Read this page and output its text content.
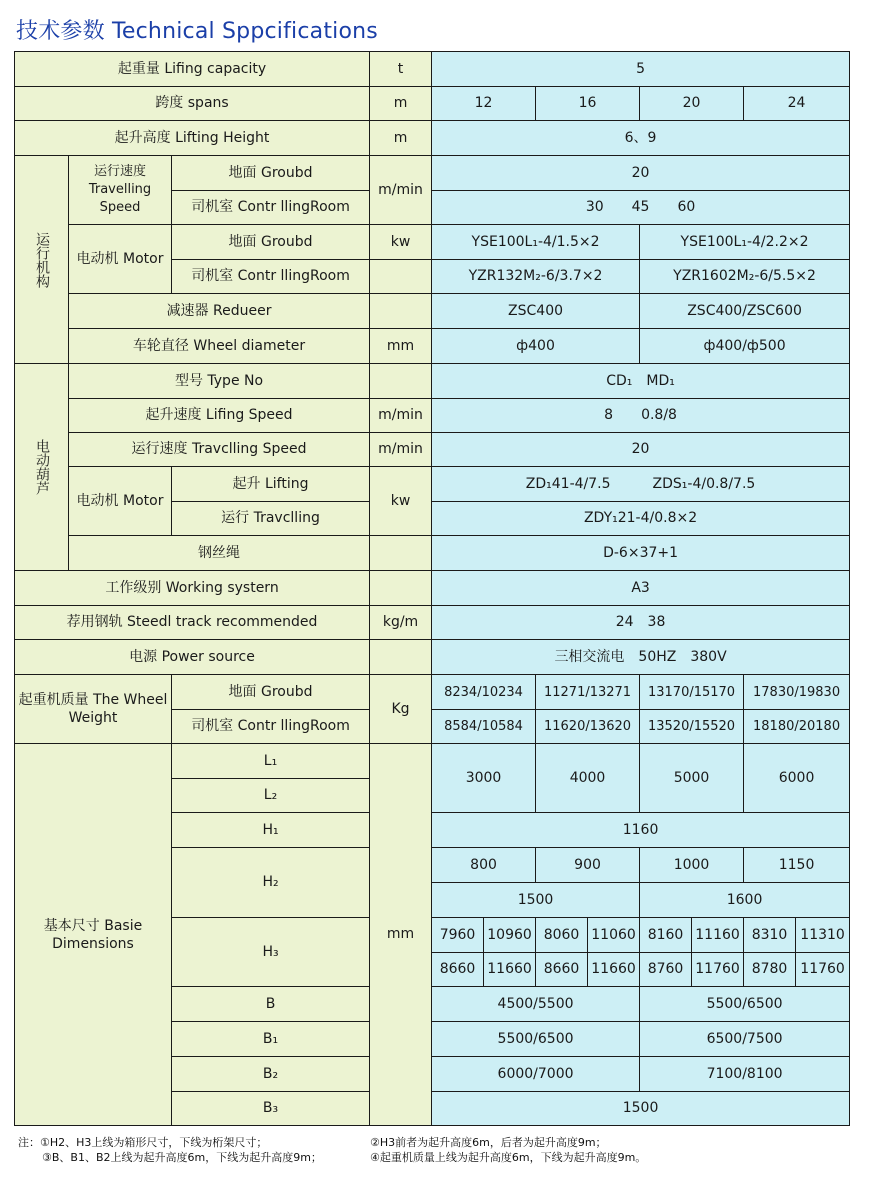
技术参数 Technical Sppcifications
起重量 Lifing capacity			t	5							
跨度 spans			m	12		16		20		24	
起升高度 Lifting Height			m	6、9							
运行机构	运行速度 Travelling Speed	地面 Groubd	m/min	20							
		司机室 Contr llingRoom		30　　45　　60							
	电动机 Motor	地面 Groubd	kw	YSE100L₁-4/1.5×2				YSE100L₁-4/2.2×2			
		司机室 Contr llingRoom		YZR132M₂-6/3.7×2				YZR1602M₂-6/5.5×2			
	减速器 Redueer			ZSC400				ZSC400/ZSC600			
	车轮直径 Wheel diameter		mm	ф400				ф400/ф500			
电动葫芦	型号 Type No			CD₁　MD₁							
	起升速度 Lifing Speed		m/min	8　　0.8/8							
	运行速度 Travclling Speed		m/min	20							
	电动机 Motor	起升 Lifting	kw	ZD₁41-4/7.5　　　ZDS₁-4/0.8/7.5							
		运行 Travclling		ZDY₁21-4/0.8×2							
	钢丝绳			D-6×37+1							
工作级别 Working systern				A3							
荐用钢轨 Steedl track recommended			kg/m	24　38							
电源 Power source				三相交流电　50HZ　380V							
起重机质量 The Wheel Weight		地面 Groubd	Kg	8234/10234		11271/13271		13170/15170		17830/19830	
		司机室 Contr llingRoom		8584/10584		11620/13620		13520/15520		18180/20180	
基本尺寸 Basie Dimensions		L₁	mm	3000		4000		5000		6000	
		L₂									
		H₁		1160							
		H₂		800		900		1000		1150	
				1500				1600			
		H₃		7960	10960	8060	11060	8160	11160	8310	11310
				8660	11660	8660	11660	8760	11760	8780	11760
		B		4500/5500				5500/6500			
		B₁		5500/6500				6500/7500			
		B₂		6000/7000				7100/8100			
		B₃		1500							
注：①H2、H3上线为箱形尺寸，下线为桁架尺寸；	②H3前者为起升高度6m，后者为起升高度9m；
③B、B1、B2上线为起升高度6m，下线为起升高度9m；	④起重机质量上线为起升高度6m，下线为起升高度9m。
